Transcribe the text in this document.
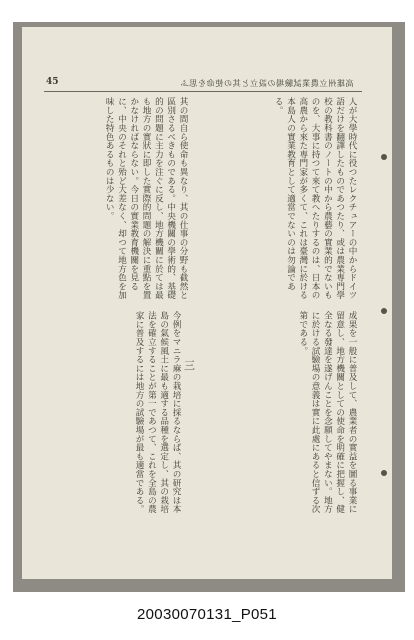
45	高雄州立農業試驗場の設立と其の使命を思ふ
人が大學時代に役つたレクチュアーの中からドイツ語だけを翻譯したものであつたり、或は農業専門學校の教科書のノートの中から農藝の實業的でないものを、大事に持つて來て教へたりするのは、日本の高農から來た専門家が多くて、これは臺灣に於ける本島人の實業教育として適當でないのは勿論である。
其の間自ら使命も異なり、其の仕事の分野も截然と區別さるべきものである。中央機關の學術的、基礎的の問題に主力を注ぐに反し、地方機關に於ては最も地方の實狀に即した實際的問題の解決に重點を置かなければならない。今日の實業教育機關を見るに、中央のそれと殆ど大差なく、却つて地方色を加味した特色あるものは少ない。
三	成果を一般に普及して、農業者の實益を圖る事業に留意し、地方機關としての使命を明確に把握し、健全なる發達を遂げんことを念願してやまない。地方に於ける試驗場の意義は實に此處にあると信ずる次第である。
今例をマニラ麻の栽培に採るならば、其の研究は本島の氣候風土に最も適する品種を選定し、其の栽培法を確立することが第一であつて、これを全島の農家に普及するには地方の試驗場が最も適當である。
20030070131_P051
